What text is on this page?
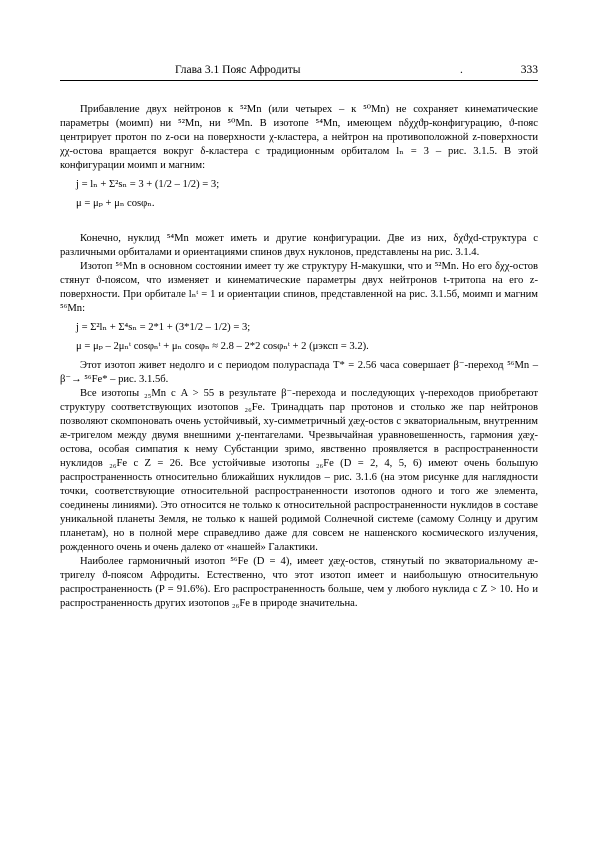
Глава 3.1 Пояс Афродиты	.	333

Прибавление двух нейтронов к ⁵²Mn (или четырех – к ⁵⁰Mn) не сохраняет кинематические параметры (моимп) ни ⁵²Mn, ни ⁵⁰Mn. В изотопе ⁵⁴Mn, имеющем nδχχϑp-конфигурацию, ϑ-пояс центрирует протон по z-оси на поверхности χ-кластера, а нейтрон на противоположной z-поверхности χχ-остова вращается вокруг δ-кластера с традиционным орбиталом lₙ = 3 – рис. 3.1.5. В этой конфигурации моимп и магним:

j = lₙ + Σ²sₙ = 3 + (1/2 – 1/2) = 3;
μ = μₚ + μₙ cosφₙ.

Конечно, нуклид ⁵⁴Mn может иметь и другие конфигурации. Две из них, δχϑχd-структура с различными орбиталами и ориентациями спинов двух нуклонов, представлены на рис. 3.1.4.

Изотоп ⁵⁶Mn в основном состоянии имеет ту же структуру Н-макушки, что и ⁵²Mn. Но его δχχ-остов стянут ϑ-поясом, что изменяет и кинематические параметры двух нейтронов t-тритопа на его z-поверхности. При орбитале lₙᵗ = 1 и ориентации спинов, представленной на рис. 3.1.5б, моимп и магним ⁵⁶Mn:

j = Σ²lₙ + Σ⁴sₙ = 2*1 + (3*1/2 – 1/2) = 3;
μ = μₚ – 2μₙᵗ cosφₙᵗ + μₙ cosφₙ ≈ 2.8 – 2*2 cosφₙᵗ + 2 (μэксп = 3.2).

Этот изотоп живет недолго и с периодом полураспада T* = 2.56 часа совершает β⁻-переход ⁵⁶Mn –β⁻→ ⁵⁶Fe* – рис. 3.1.5б.

Все изотопы ₂₅Mn с A > 55 в результате β⁻-перехода и последующих γ-переходов приобретают структуру соответствующих изотопов ₂₆Fe. Тринадцать пар протонов и столько же пар нейтронов позволяют скомпоновать очень устойчивый, xy-симметричный χæχ-остов с экваториальным, внутренним æ-тригелом между двумя внешними χ-пентагелами. Чрезвычайная уравновешенность, гармония χæχ-остова, особая симпатия к нему Субстанции зримо, явственно проявляется в распространенности нуклидов ₂₆Fe с Z = 26. Все устойчивые изотопы ₂₆Fe (D = 2, 4, 5, 6) имеют очень большую распространенность относительно ближайших нуклидов – рис. 3.1.6 (на этом рисунке для наглядности точки, соответствующие относительной распространенности изотопов одного и того же элемента, соединены линиями). Это относится не только к относительной распространенности нуклидов в составе уникальной планеты Земля, не только к нашей родимой Солнечной системе (самому Солнцу и другим планетам), но в полной мере справедливо даже для совсем не нашенского космического излучения, рожденного очень и очень далеко от «нашей» Галактики.

Наиболее гармоничный изотоп ⁵⁶Fe (D = 4), имеет χæχ-остов, стянутый по экваториальному æ-тригелу ϑ-поясом Афродиты. Естественно, что этот изотоп имеет и наибольшую относительную распространенность (P = 91.6%). Его распространенность больше, чем у любого нуклида с Z > 10. Но и распространенность других изотопов ₂₆Fe в природе значительна.
